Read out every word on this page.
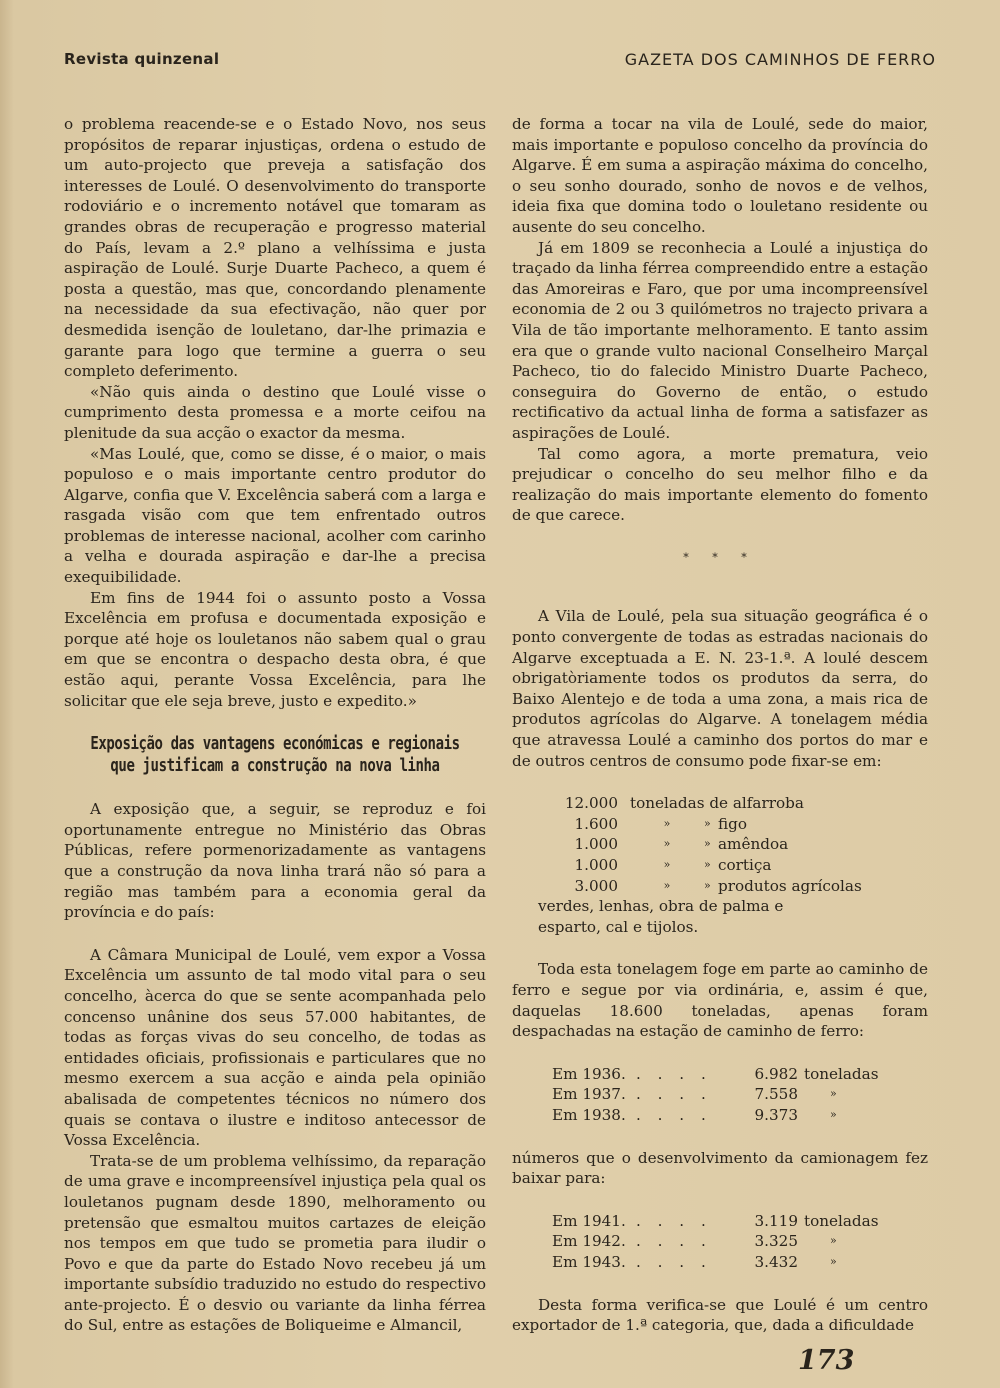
Revista quinzenal	GAZETA DOS CAMINHOS DE FERRO

o problema reacende-se e o Estado Novo, nos seus propósitos de reparar injustiças, ordena o estudo de um auto-projecto que preveja a satisfação dos interesses de Loulé. O desenvolvimento do transporte rodoviário e o incremento notável que tomaram as grandes obras de recuperação e progresso material do País, levam a 2.º plano a velhíssima e justa aspiração de Loulé. Surje Duarte Pacheco, a quem é posta a questão, mas que, concordando plenamente na necessidade da sua efectivação, não quer por desmedida isenção de louletano, dar-lhe primazia e garante para logo que termine a guerra o seu completo deferimento.

«Não quis ainda o destino que Loulé visse o cumprimento desta promessa e a morte ceifou na plenitude da sua acção o exactor da mesma.

«Mas Loulé, que, como se disse, é o maior, o mais populoso e o mais importante centro produtor do Algarve, confia que V. Excelência saberá com a larga e rasgada visão com que tem enfrentado outros problemas de interesse nacional, acolher com carinho a velha e dourada aspiração e dar-lhe a precisa exequibilidade.

Em fins de 1944 foi o assunto posto a Vossa Excelência em profusa e documentada exposição e porque até hoje os louletanos não sabem qual o grau em que se encontra o despacho desta obra, é que estão aqui, perante Vossa Excelência, para lhe solicitar que ele seja breve, justo e expedito.»

Exposição das vantagens económicas e regionais
que justificam a construção na nova linha

A exposição que, a seguir, se reproduz e foi oportunamente entregue no Ministério das Obras Públicas, refere pormenorizadamente as vantagens que a construção da nova linha trará não só para a região mas também para a economia geral da província e do país:

A Câmara Municipal de Loulé, vem expor a Vossa Excelência um assunto de tal modo vital para o seu concelho, àcerca do que se sente acompanhada pelo concenso unânine dos seus 57.000 habitantes, de todas as forças vivas do seu concelho, de todas as entidades oficiais, profissionais e particulares que no mesmo exercem a sua acção e ainda pela opinião abalisada de competentes técnicos no número dos quais se contava o ilustre e inditoso antecessor de Vossa Excelência.

Trata-se de um problema velhíssimo, da reparação de uma grave e incompreensível injustiça pela qual os louletanos pugnam desde 1890, melhoramento ou pretensão que esmaltou muitos cartazes de eleição nos tempos em que tudo se prometia para iludir o Povo e que da parte do Estado Novo recebeu já um importante subsídio traduzido no estudo do respectivo ante-projecto. É o desvio ou variante da linha férrea do Sul, entre as estações de Boliqueime e Almancil,

de forma a tocar na vila de Loulé, sede do maior, mais importante e populoso concelho da província do Algarve. É em suma a aspiração máxima do concelho, o seu sonho dourado, sonho de novos e de velhos, ideia fixa que domina todo o louletano residente ou ausente do seu concelho.

Já em 1809 se reconhecia a Loulé a injustiça do traçado da linha férrea compreendido entre a estação das Amoreiras e Faro, que por uma incompreensível economia de 2 ou 3 quilómetros no trajecto privara a Vila de tão importante melhoramento. E tanto assim era que o grande vulto nacional Conselheiro Marçal Pacheco, tio do falecido Ministro Duarte Pacheco, conseguira do Governo de então, o estudo rectificativo da actual linha de forma a satisfazer as aspirações de Loulé.

Tal como agora, a morte prematura, veio prejudicar o concelho do seu melhor filho e da realização do mais importante elemento do fomento de que carece.

* * *

A Vila de Loulé, pela sua situação geográfica é o ponto convergente de todas as estradas nacionais do Algarve exceptuada a E. N. 23-1.ª. A loulé descem obrigatòriamente todos os produtos da serra, do Baixo Alentejo e de toda a uma zona, a mais rica de produtos agrícolas do Algarve. A tonelagem média que atravessa Loulé a caminho dos portos do mar e de outros centros de consumo pode fixar-se em:

12.000	toneladas de alfarroba		
1.600	»	»	figo
1.000	»	»	amêndoa
1.000	»	»	cortiça
3.000	»	»	produtos agrícolas

verdes, lenhas, obra de palma e

esparto, cal e tijolos.

Toda esta tonelagem foge em parte ao caminho de ferro e segue por via ordinária, e, assim é que, daquelas 18.600 toneladas, apenas foram despachadas na estação de caminho de ferro:

Em 1936.	. . . .	6.982	toneladas
Em 1937.	. . . .	7.558	»
Em 1938.	. . . .	9.373	»

números que o desenvolvimento da camionagem fez baixar para:

Em 1941.	. . . .	3.119	toneladas
Em 1942.	. . . .	3.325	»
Em 1943.	. . . .	3.432	»

Desta forma verifica-se que Loulé é um centro exportador de 1.ª categoria, que, dada a dificuldade

173
